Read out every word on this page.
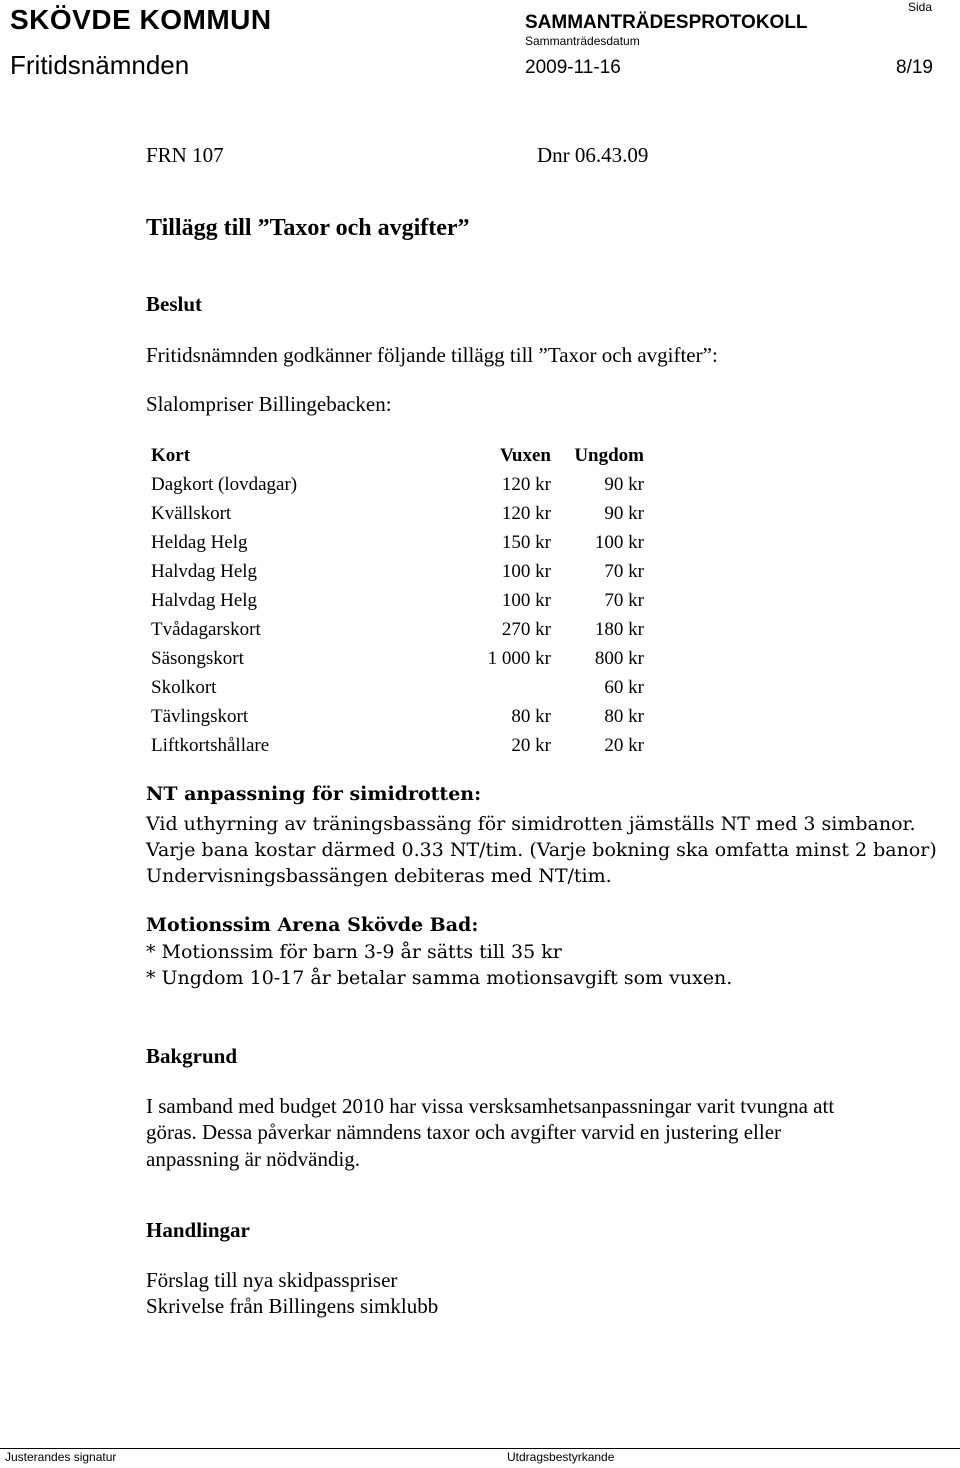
SKÖVDE KOMMUN	SAMMANTRÄDESPROTOKOLL
Sida
Sammanträdesdatum
Fritidsnämnden	2009-11-16	8/19
FRN 107	Dnr 06.43.09
Tillägg till ”Taxor och avgifter”
Beslut
Fritidsnämnden godkänner följande tillägg till ”Taxor och avgifter”:
Slalompriser Billingebacken:
Kort	Vuxen	Ungdom
Dagkort (lovdagar)	120 kr	90 kr
Kvällskort	120 kr	90 kr
Heldag Helg	150 kr	100 kr
Halvdag Helg	100 kr	70 kr
Halvdag Helg	100 kr	70 kr
Tvådagarskort	270 kr	180 kr
Säsongskort	1 000 kr	800 kr
Skolkort		60 kr
Tävlingskort	80 kr	80 kr
Liftkortshållare	20 kr	20 kr
NT anpassning för simidrotten:
Vid uthyrning av träningsbassäng för simidrotten jämställs NT med 3 simbanor.
Varje bana kostar därmed 0.33 NT/tim. (Varje bokning ska omfatta minst 2 banor)
Undervisningsbassängen debiteras med NT/tim.
Motionssim Arena Skövde Bad:
* Motionssim för barn 3-9 år sätts till 35 kr
* Ungdom 10-17 år betalar samma motionsavgift som vuxen.
Bakgrund
I samband med budget 2010 har vissa versksamhetsanpassningar varit tvungna att
göras. Dessa påverkar nämndens taxor och avgifter varvid en justering eller
anpassning är nödvändig.
Handlingar
Förslag till nya skidpasspriser
Skrivelse från Billingens simklubb
Justerandes signatur	Utdragsbestyrkande
